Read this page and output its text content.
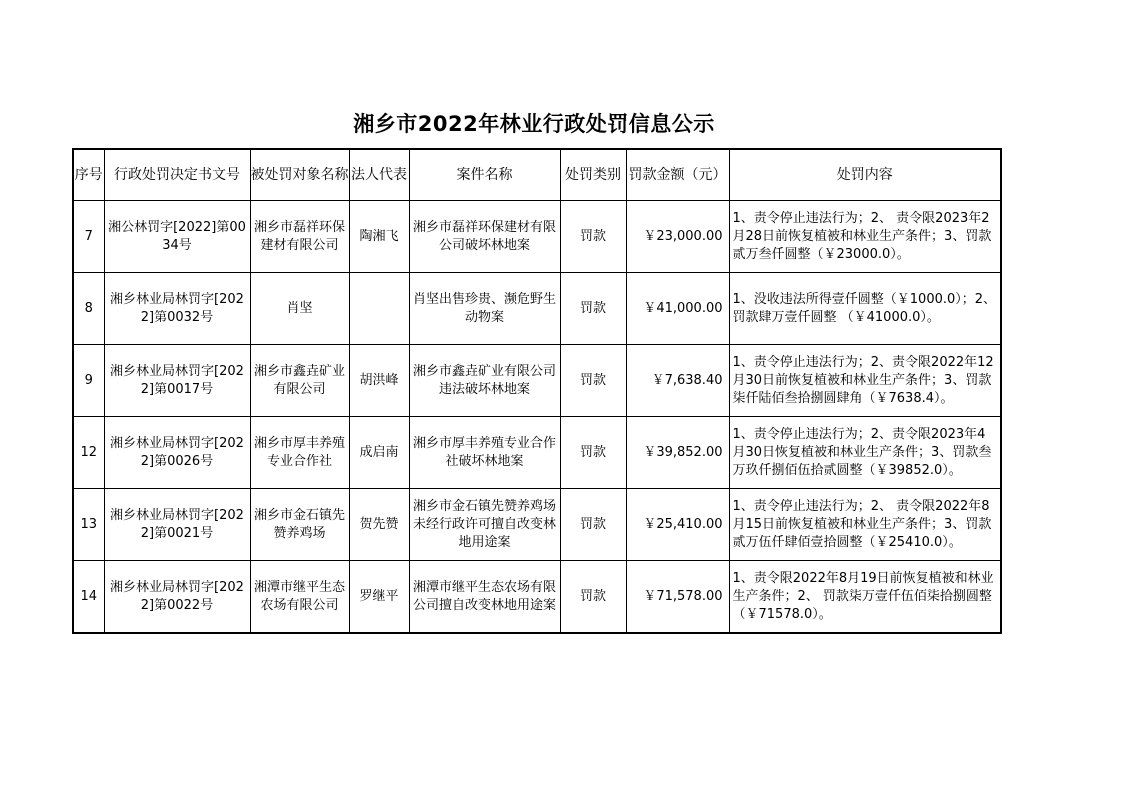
湘乡市2022年林业行政处罚信息公示
序号	行政处罚决定书文号	被处罚对象名称	法人代表	案件名称	处罚类别	罚款金额（元）	处罚内容
7	湘公林罚字[2022]第0034号	湘乡市磊祥环保建材有限公司	陶湘飞	湘乡市磊祥环保建材有限公司破坏林地案	罚款	￥23,000.00	1、责令停止违法行为；2、 责令限2023年2月28日前恢复植被和林业生产条件；3、罚款贰万叁仟圆整（￥23000.0）。
8	湘乡林业局林罚字[2022]第0032号	肖坚		肖坚出售珍贵、濒危野生动物案	罚款	￥41,000.00	1、没收违法所得壹仟圆整（￥1000.0）；2、 罚款肆万壹仟圆整 （￥41000.0）。
9	湘乡林业局林罚字[2022]第0017号	湘乡市鑫垚矿业有限公司	胡洪峰	湘乡市鑫垚矿业有限公司违法破坏林地案	罚款	￥7,638.40	1、责令停止违法行为；2、责令限2022年12月30日前恢复植被和林业生产条件；3、罚款柒仟陆佰叁拾捌圆肆角（￥7638.4）。
12	湘乡林业局林罚字[2022]第0026号	湘乡市厚丰养殖专业合作社	成启南	湘乡市厚丰养殖专业合作社破坏林地案	罚款	￥39,852.00	1、责令停止违法行为；2、责令限2023年4月30日恢复植被和林业生产条件；3、罚款叁万玖仟捌佰伍拾贰圆整（￥39852.0）。
13	湘乡林业局林罚字[2022]第0021号	湘乡市金石镇先赞养鸡场	贺先赞	湘乡市金石镇先赞养鸡场未经行政许可擅自改变林地用途案	罚款	￥25,410.00	1、责令停止违法行为；2、 责令限2022年8月15日前恢复植被和林业生产条件；3、罚款贰万伍仟肆佰壹拾圆整（￥25410.0）。
14	湘乡林业局林罚字[2022]第0022号	湘潭市继平生态农场有限公司	罗继平	湘潭市继平生态农场有限公司擅自改变林地用途案	罚款	￥71,578.00	1、责令限2022年8月19日前恢复植被和林业生产条件；2、 罚款柒万壹仟伍佰柒拾捌圆整（￥71578.0）。
